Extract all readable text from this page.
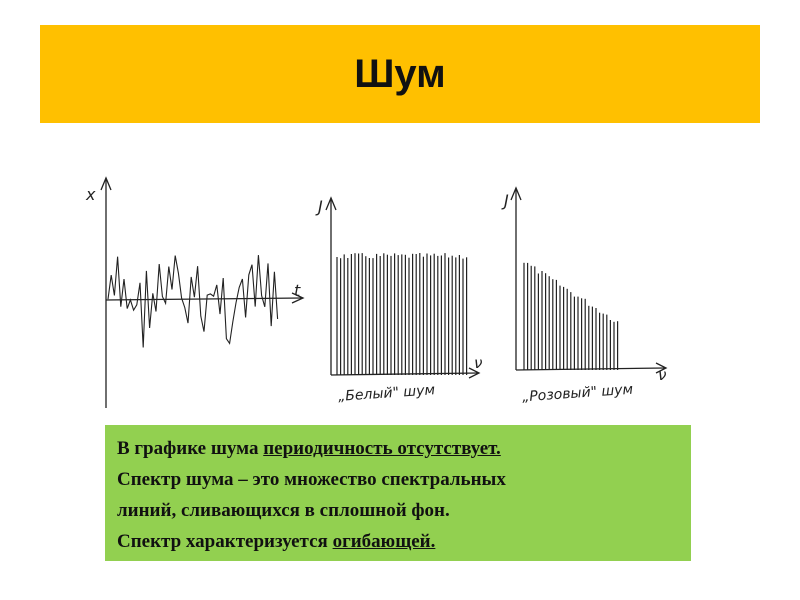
Шум
x
t
J
ν
„Белый" шум
J
ν
„Розовый" шум

В графике шума периодичность отсутствует.

Спектр шума – это множество спектральных

линий, сливающихся в сплошной фон.

Спектр характеризуется огибающей.
